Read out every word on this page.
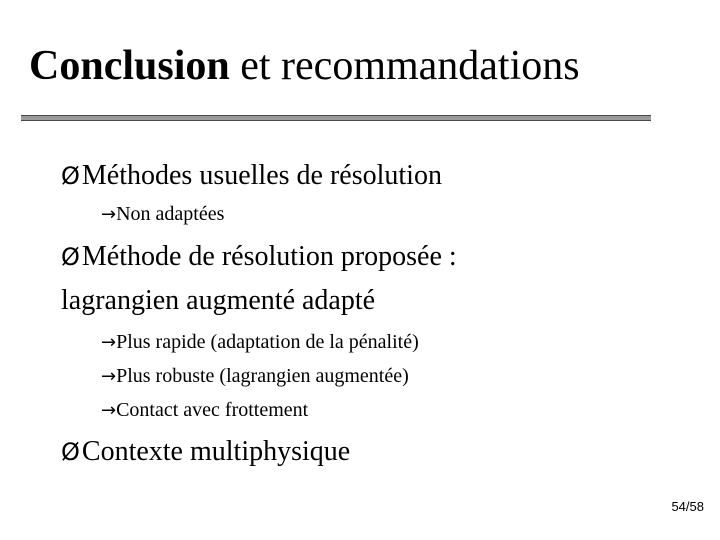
Conclusion et recommandations
ØMéthodes usuelles de résolution
→Non adaptées
ØMéthode de résolution proposée :
lagrangien augmenté adapté
→Plus rapide (adaptation de la pénalité)
→Plus robuste (lagrangien augmentée)
→Contact avec frottement
ØContexte multiphysique
54/58
